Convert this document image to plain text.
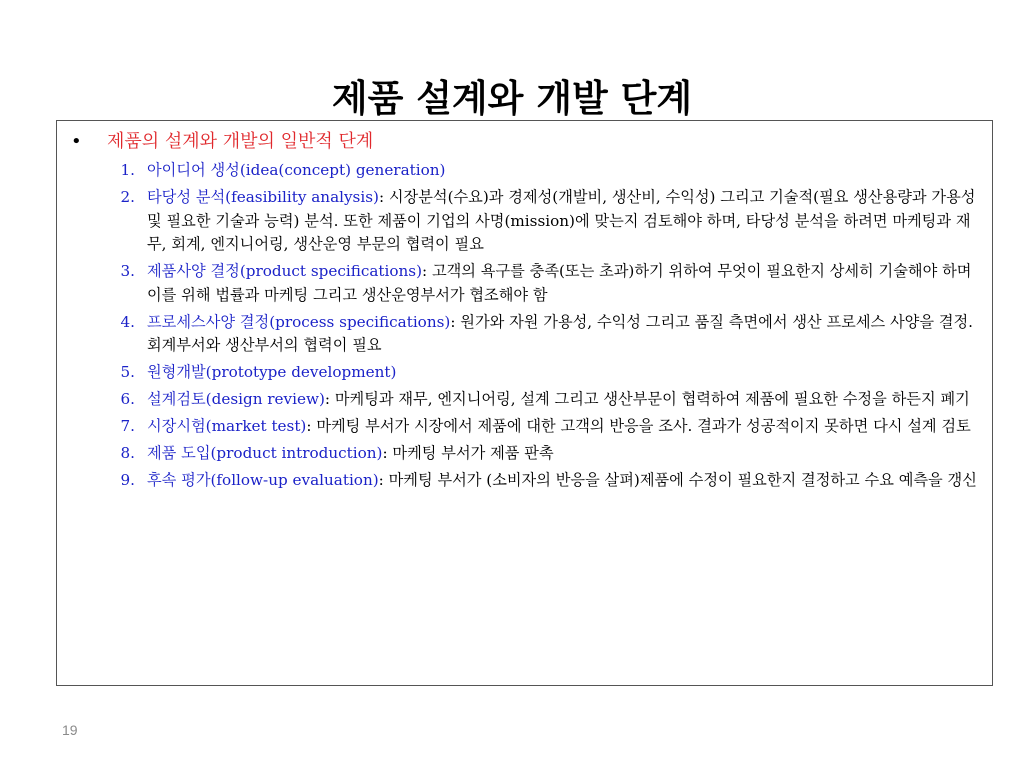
제품 설계와 개발 단계
• 제품의 설계와 개발의 일반적 단계
1. 아이디어 생성(idea(concept) generation)
2. 타당성 분석(feasibility analysis): 시장분석(수요)과 경제성(개발비, 생산비, 수익성) 그리고 기술적(필요 생산용량과 가용성 및 필요한 기술과 능력) 분석. 또한 제품이 기업의 사명(mission)에 맞는지 검토해야 하며, 타당성 분석을 하려면 마케팅과 재무, 회계, 엔지니어링, 생산운영 부문의 협력이 필요
3. 제품사양 결정(product specifications): 고객의 욕구를 충족(또는 초과)하기 위하여 무엇이 필요한지 상세히 기술해야 하며 이를 위해 법률과 마케팅 그리고 생산운영부서가 협조해야 함
4. 프로세스사양 결정(process specifications): 원가와 자원 가용성, 수익성 그리고 품질 측면에서 생산 프로세스 사양을 결정. 회계부서와 생산부서의 협력이 필요
5. 원형개발(prototype development)
6. 설계검토(design review): 마케팅과 재무, 엔지니어링, 설계 그리고 생산부문이 협력하여 제품에 필요한 수정을 하든지 폐기
7. 시장시험(market test): 마케팅 부서가 시장에서 제품에 대한 고객의 반응을 조사. 결과가 성공적이지 못하면 다시 설계 검토
8. 제품 도입(product introduction): 마케팅 부서가 제품 판촉
9. 후속 평가(follow-up evaluation): 마케팅 부서가 (소비자의 반응을 살펴)제품에 수정이 필요한지 결정하고 수요 예측을 갱신
19
